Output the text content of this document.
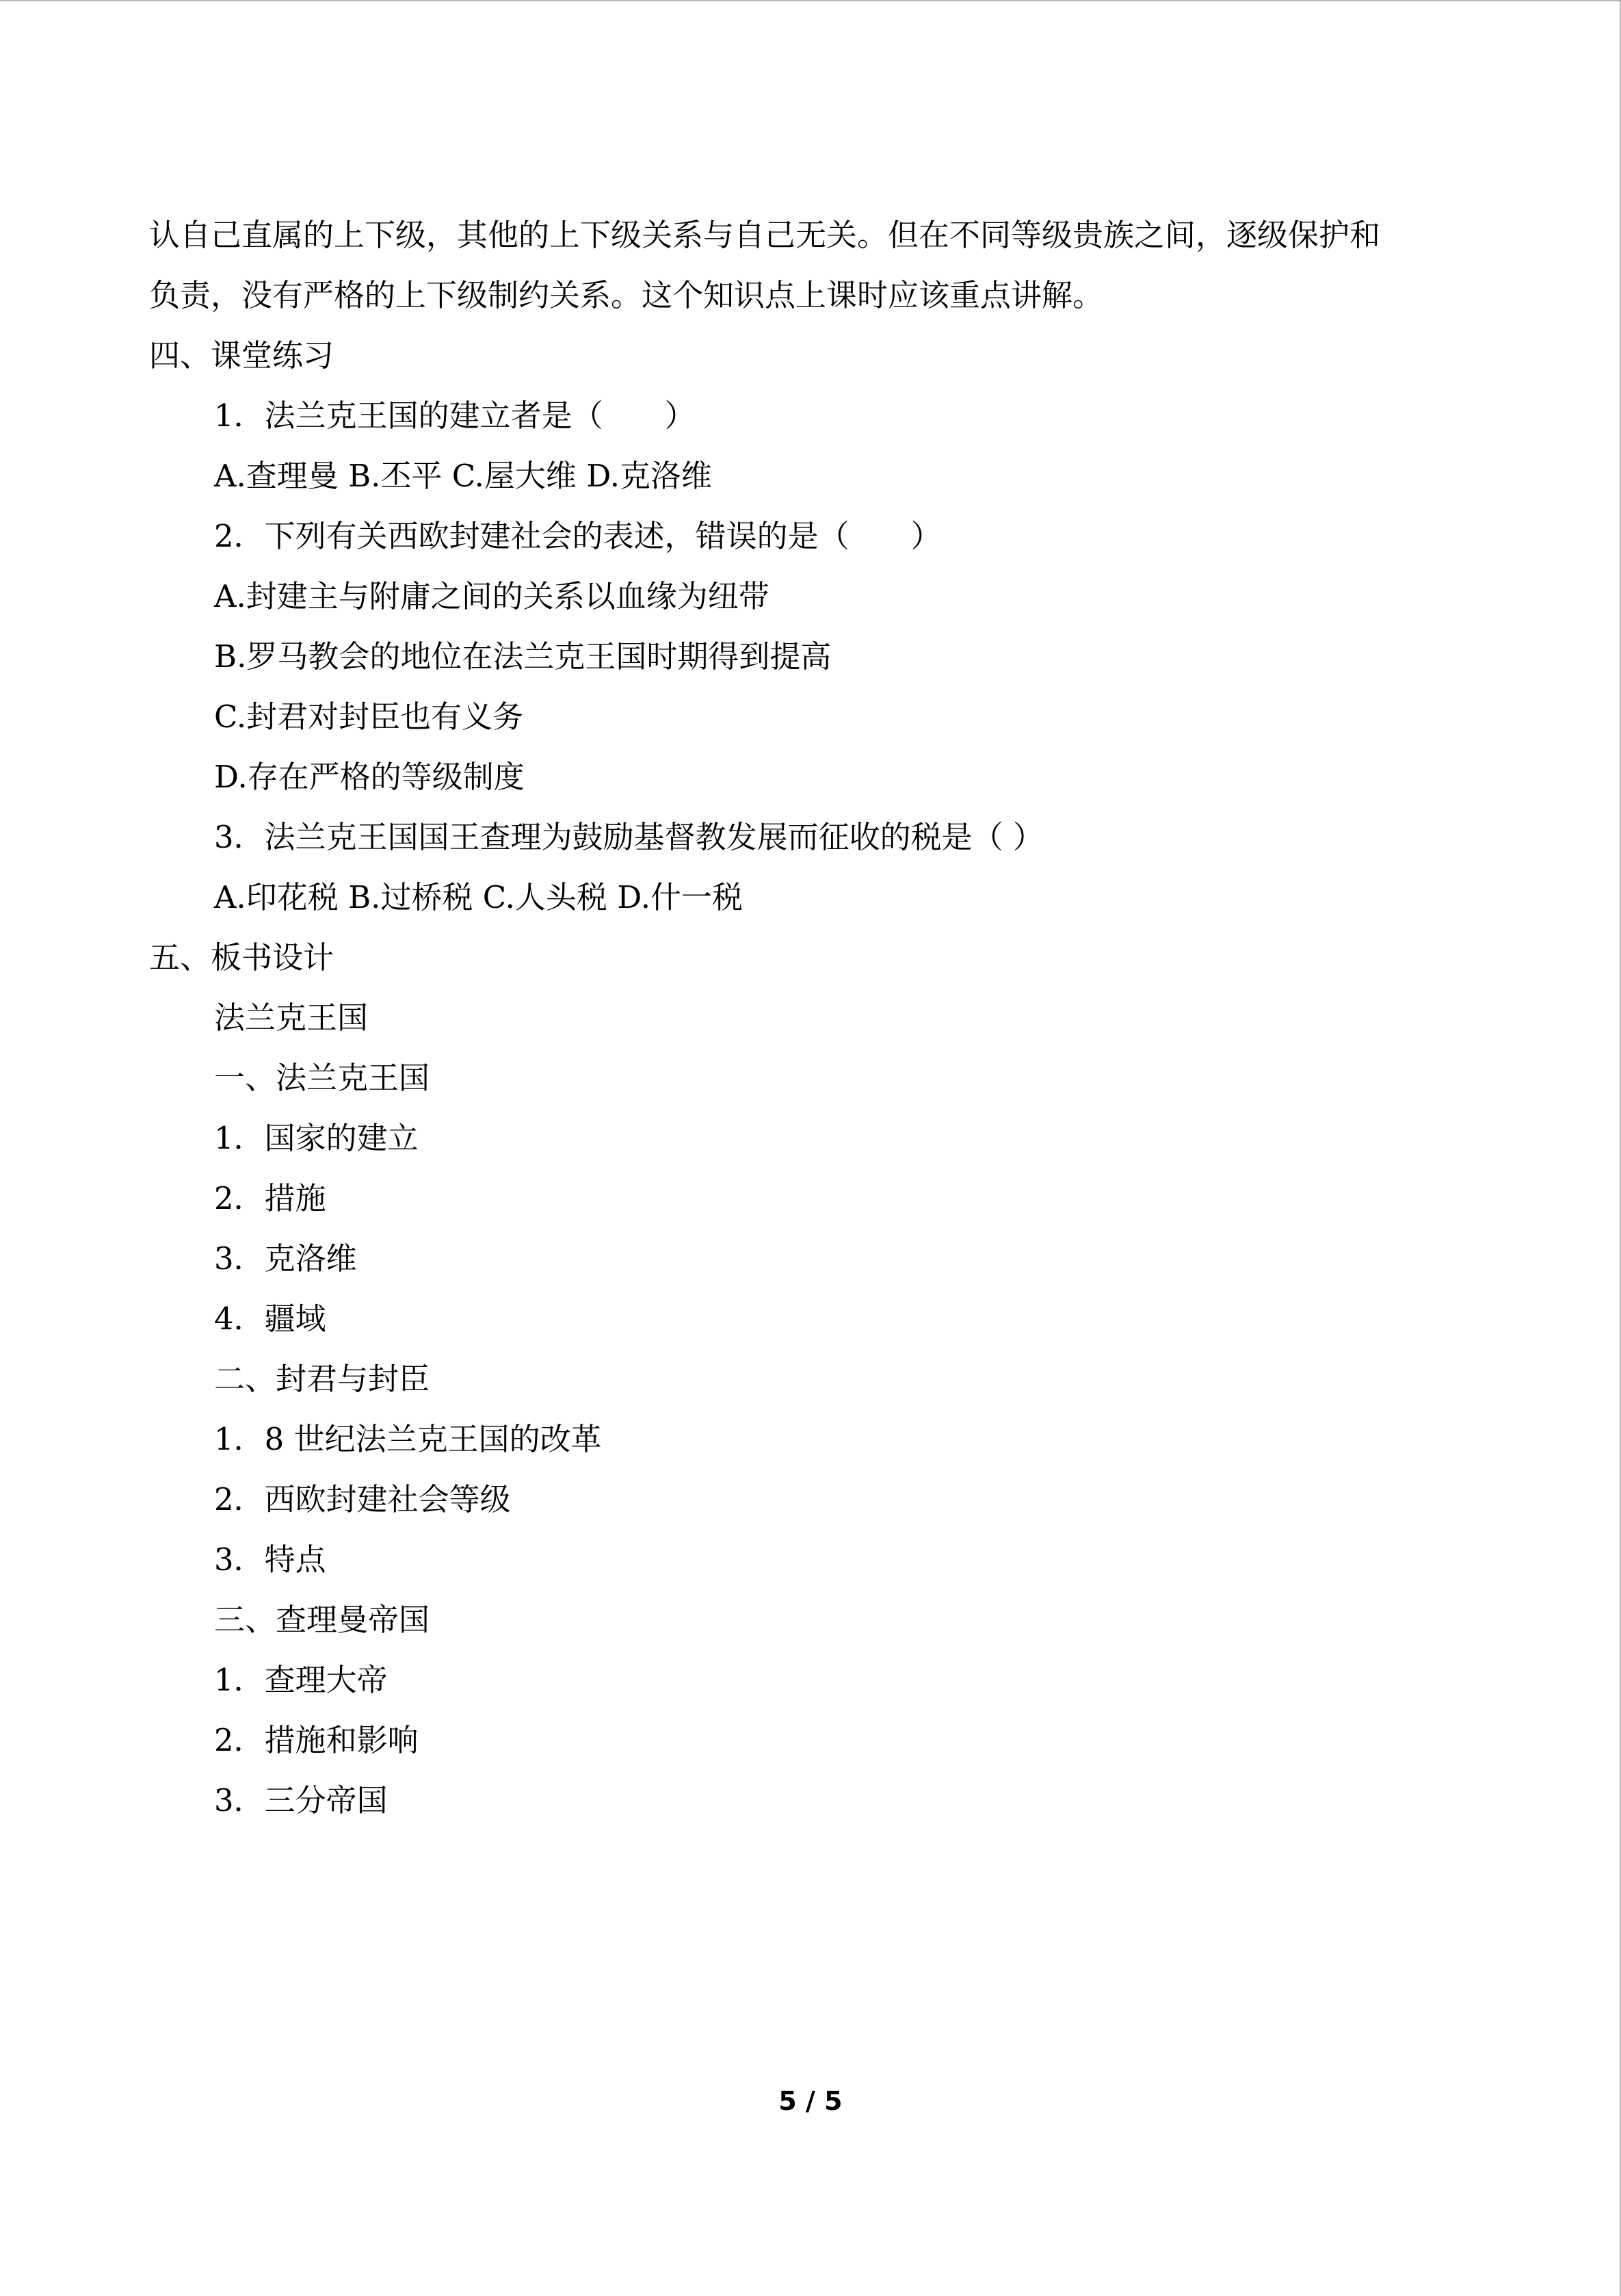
认自己直属的上下级，其他的上下级关系与自己无关。但在不同等级贵族之间，逐级保护和
负责，没有严格的上下级制约关系。这个知识点上课时应该重点讲解。
四、课堂练习
1．法兰克王国的建立者是（　　）
A.查理曼 B.丕平 C.屋大维 D.克洛维
2．下列有关西欧封建社会的表述，错误的是（　　）
A.封建主与附庸之间的关系以血缘为纽带
B.罗马教会的地位在法兰克王国时期得到提高
C.封君对封臣也有义务
D.存在严格的等级制度
3．法兰克王国国王查理为鼓励基督教发展而征收的税是（ ）
A.印花税 B.过桥税 C.人头税 D.什一税
五、板书设计
法兰克王国
一、法兰克王国
1．国家的建立
2．措施
3．克洛维
4．疆域
二、封君与封臣
1．8 世纪法兰克王国的改革
2．西欧封建社会等级
3．特点
三、查理曼帝国
1．查理大帝
2．措施和影响
3．三分帝国
5 / 5
